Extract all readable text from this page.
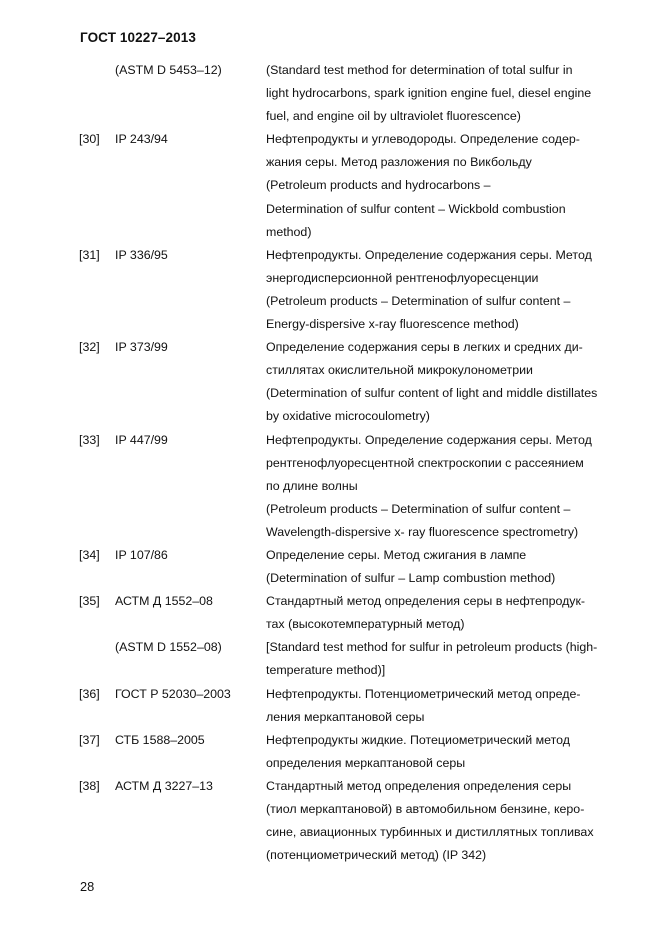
ГОСТ 10227–2013
(ASTM D 5453–12)	(Standard test method for determination of total sulfur in
light hydrocarbons, spark ignition engine fuel, diesel engine
fuel, and engine oil by ultraviolet fluorescence)
[30] IP 243/94	Нефтепродукты и углеводороды. Определение содер-
жания серы. Метод разложения по Викбольду
(Petroleum products and hydrocarbons –
Determination of sulfur content – Wickbold combustion
method)
[31] IP 336/95	Нефтепродукты. Определение содержания серы. Метод
энергодисперсионной рентгенофлуоресценции
(Petroleum products – Determination of sulfur content –
Energy-dispersive x-ray fluorescence method)
[32] IP 373/99	Определение содержания серы в легких и средних ди-
стиллятах окислительной микрокулонометрии
(Determination of sulfur content of light and middle distillates
by oxidative microcoulometry)
[33] IP 447/99	Нефтепродукты. Определение содержания серы. Метод
рентгенофлуоресцентной спектроскопии с рассеянием
по длине волны
(Petroleum products – Determination of sulfur content –
Wavelength-dispersive x- ray fluorescence spectrometry)
[34] IP 107/86	Определение серы. Метод сжигания в лампе
(Determination of sulfur – Lamp combustion method)
[35] АСТМ Д 1552–08	Стандартный метод определения серы в нефтепродук-
тах (высокотемпературный метод)
(ASTM D 1552–08)	[Standard test method for sulfur in petroleum products (high-
temperature method)]
[36] ГОСТ Р 52030–2003	Нефтепродукты. Потенциометрический метод опреде-
ления меркаптановой серы
[37] СТБ 1588–2005	Нефтепродукты жидкие. Потециометрический метод
определения меркаптановой серы
[38] АСТМ Д 3227–13	Стандартный метод определения определения серы
(тиол меркаптановой) в автомобильном бензине, керо-
сине, авиационных турбинных и дистиллятных топливах
(потенциометрический метод) (IP 342)
28
